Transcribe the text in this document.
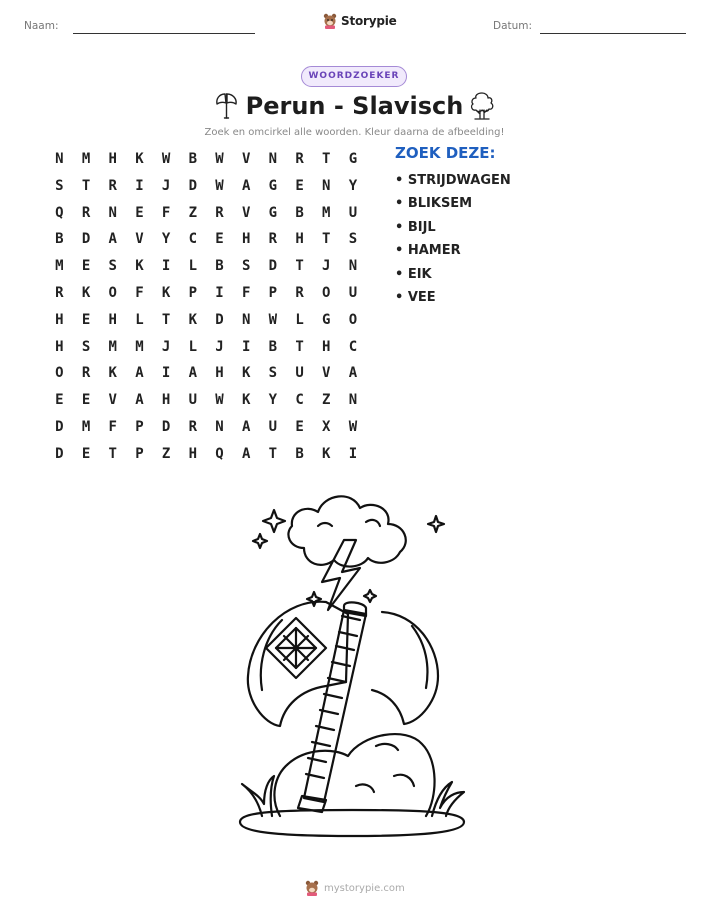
Naam:	Storypie	Datum:
WOORDZOEKER
Perun - Slavisch
Zoek en omcirkel alle woorden. Kleur daarna de afbeelding!
N	M	H	K	W	B	W	V	N	R	T	G
S	T	R	I	J	D	W	A	G	E	N	Y
Q	R	N	E	F	Z	R	V	G	B	M	U
B	D	A	V	Y	C	E	H	R	H	T	S
M	E	S	K	I	L	B	S	D	T	J	N
R	K	O	F	K	P	I	F	P	R	O	U
H	E	H	L	T	K	D	N	W	L	G	O
H	S	M	M	J	L	J	I	B	T	H	C
O	R	K	A	I	A	H	K	S	U	V	A
E	E	V	A	H	U	W	K	Y	C	Z	N
D	M	F	P	D	R	N	A	U	E	X	W
D	E	T	P	Z	H	Q	A	T	B	K	I
ZOEK DEZE:
• STRIJDWAGEN
• BLIKSEM
• BIJL
• HAMER
• EIK
• VEE
mystorypie.com
